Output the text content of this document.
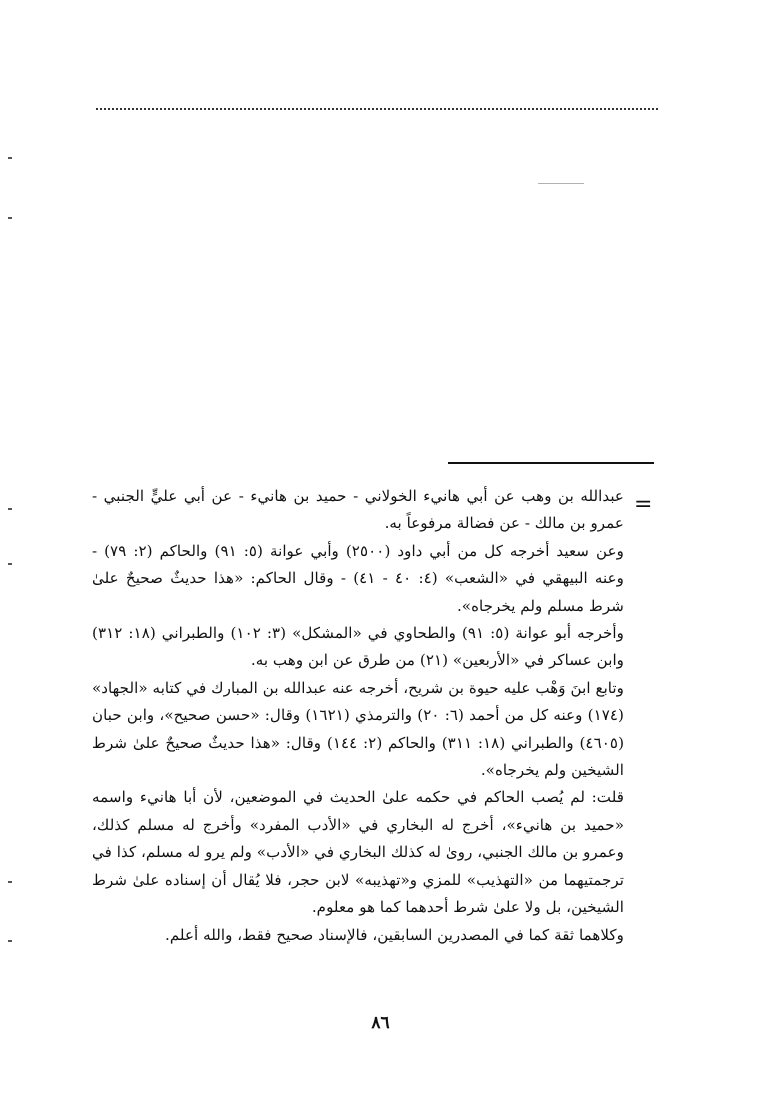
=

عبدالله بن وهب عن أبي هانيء الخولاني - حميد بن هانيء - عن أبي عليٍّ الجنبي - عمرو بن مالك - عن فضالة مرفوعاً به.

وعن سعيد أخرجه كل من أبي داود (٢٥٠٠) وأبي عوانة (٥: ٩١) والحاكم (٢: ٧٩) - وعنه البيهقي في «الشعب» (٤: ٤٠ - ٤١) - وقال الحاكم: «هذا حديثٌ صحيحٌ علىٰ شرط مسلم ولم يخرجاه».

وأخرجه أبو عوانة (٥: ٩١) والطحاوي في «المشكل» (٣: ١٠٢) والطبراني (١٨: ٣١٢) وابن عساكر في «الأربعين» (٢١) من طرق عن ابن وهب به.

وتابع ابنَ وَهْب عليه حيوة بن شريح، أخرجه عنه عبدالله بن المبارك في كتابه «الجهاد» (١٧٤) وعنه كل من أحمد (٦: ٢٠) والترمذي (١٦٢١) وقال: «حسن صحيح»، وابن حبان (٤٦٠٥) والطبراني (١٨: ٣١١) والحاكم (٢: ١٤٤) وقال: «هذا حديثٌ صحيحٌ علىٰ شرط الشيخين ولم يخرجاه».

قلت: لم يُصب الحاكم في حكمه علىٰ الحديث في الموضعين، لأن أبا هانيء واسمه «حميد بن هانيء»، أخرج له البخاري في «الأدب المفرد» وأخرج له مسلم كذلك، وعمرو بن مالك الجنبي، روىٰ له كذلك البخاري في «الأدب» ولم يرو له مسلم، كذا في ترجمتيهما من «التهذيب» للمزي و«تهذيبه» لابن حجر، فلا يُقال أن إسناده علىٰ شرط الشيخين، بل ولا علىٰ شرط أحدهما كما هو معلوم.

وكلاهما ثقة كما في المصدرين السابقين، فالإسناد صحيح فقط، والله أعلم.

٨٦
